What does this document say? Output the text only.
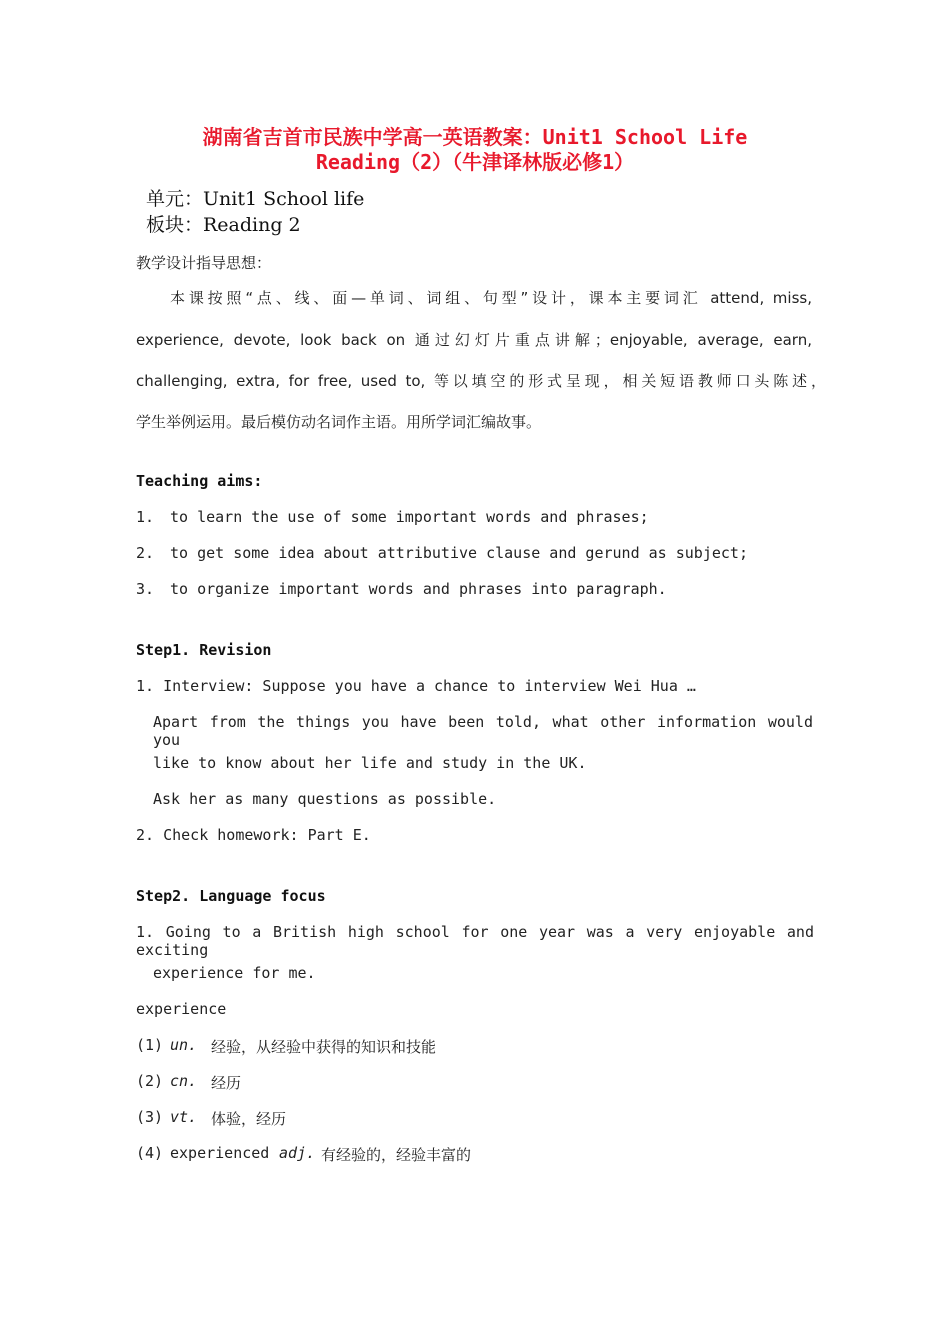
湖南省吉首市民族中学高一英语教案：Unit1 School Life
Reading（2）（牛津译林版必修1）
单元：Unit1 School life
板块：Reading 2
教学设计指导思想：
本课按照“点、线、面—单词、词组、句型”设计，课本主要词汇 attend, miss,
experience, devote, look back on 通过幻灯片重点讲解；enjoyable, average, earn,
challenging, extra, for free, used to, 等以填空的形式呈现，相关短语教师口头陈述，
学生举例运用。最后模仿动名词作主语。用所学词汇编故事。
Teaching aims:
1. to learn the use of some important words and phrases;
2. to get some idea about attributive clause and gerund as subject;
3. to organize important words and phrases into paragraph.
Step1. Revision
1. Interview: Suppose you have a chance to interview Wei Hua …
Apart from the things you have been told, what other information would you
like to know about her life and study in the UK.
Ask her as many questions as possible.
2. Check homework: Part E.
Step2. Language focus
1. Going to a British high school for one year was a very enjoyable and exciting
experience for me.
experience
(1) un. 经验，从经验中获得的知识和技能
(2) cn. 经历
(3) vt. 体验，经历
(4) experienced adj. 有经验的，经验丰富的
